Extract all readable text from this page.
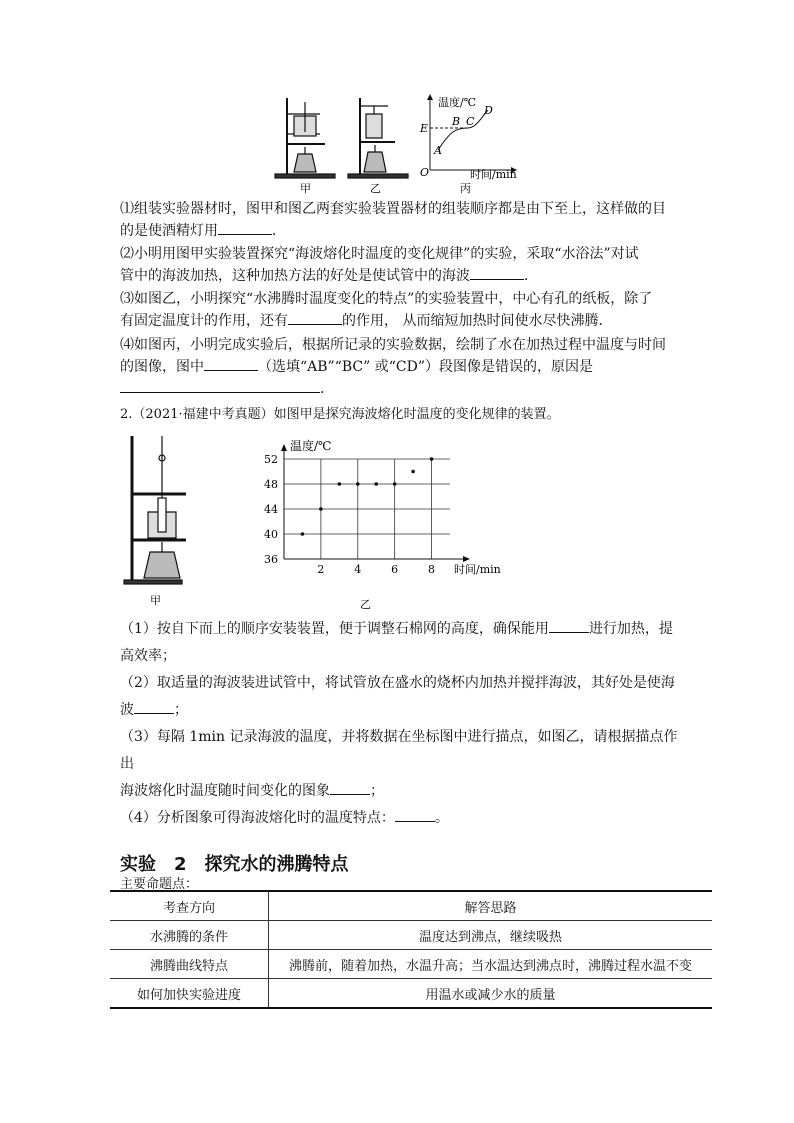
甲	乙
温度/℃
时间/min
O
A
B C
D
E
丙
⑴组装实验器材时，图甲和图乙两套实验装置器材的组装顺序都是由下至上，这样做的目
的是使酒精灯用	．
⑵小明用图甲实验装置探究“海波熔化时温度的变化规律”的实验，采取“水浴法”对试
管中的海波加热，这种加热方法的好处是使试管中的海波	．
⑶如图乙，小明探究“水沸腾时温度变化的特点”的实验装置中，中心有孔的纸板，除了
有固定温度计的作用，还有	的作用， 从而缩短加热时间使水尽快沸腾．
⑷如图丙，小明完成实验后，根据所记录的实验数据，绘制了水在加热过程中温度与时间
的图像，图中	（选填“AB”“BC” 或“CD”）段图像是错误的，原因是
．
2.（2021·福建中考真题）如图甲是探究海波熔化时温度的变化规律的装置。
甲
36
40
44
48
52
2	4	6	8
温度/℃
时间/min
乙
（1）按自下而上的顺序安装装置，便于调整石棉网的高度，确保能用	进行加热，提
高效率；
（2）取适量的海波装进试管中，将试管放在盛水的烧杯内加热并搅拌海波，其好处是使海
波	；
（3）每隔 1min 记录海波的温度，并将数据在坐标图中进行描点，如图乙，请根据描点作出
海波熔化时温度随时间变化的图象	；
（4）分析图象可得海波熔化时的温度特点：	。
实验　2　探究水的沸腾特点
主要命题点：
考查方向	解答思路
水沸腾的条件	温度达到沸点，继续吸热
沸腾曲线特点	沸腾前，随着加热，水温升高；当水温达到沸点时，沸腾过程水温不变
如何加快实验进度	用温水或减少水的质量
